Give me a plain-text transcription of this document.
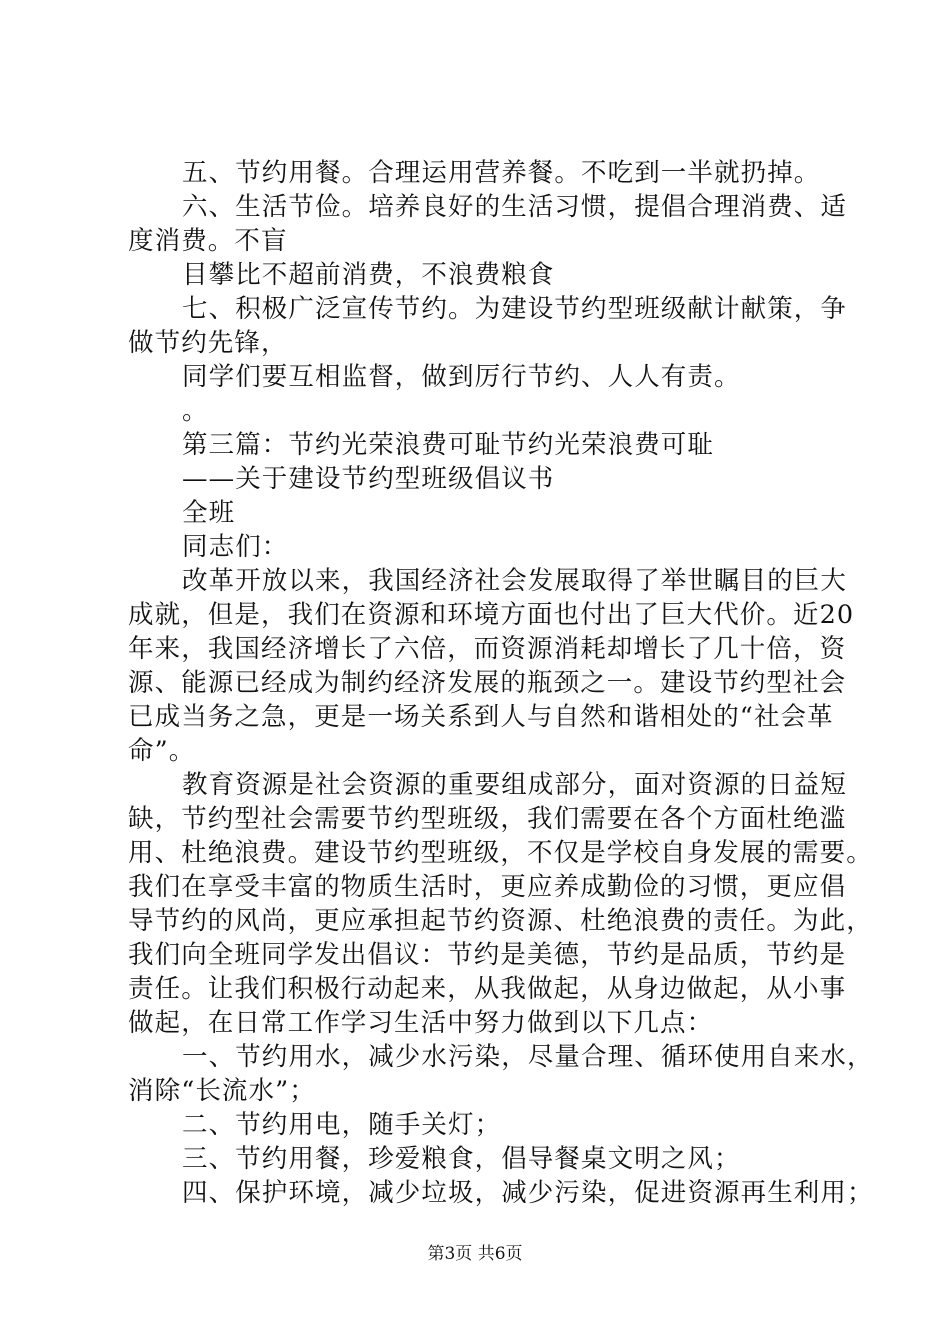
五、节约用餐。合理运用营养餐。不吃到一半就扔掉。
六、生活节俭。培养良好的生活习惯，提倡合理消费、适
度消费。不盲
目攀比不超前消费，不浪费粮食
七、积极广泛宣传节约。为建设节约型班级献计献策，争
做节约先锋，
同学们要互相监督，做到厉行节约、人人有责。
。
第三篇：节约光荣浪费可耻节约光荣浪费可耻
——关于建设节约型班级倡议书
全班
同志们：
改革开放以来，我国经济社会发展取得了举世瞩目的巨大
成就，但是，我们在资源和环境方面也付出了巨大代价。近20
年来，我国经济增长了六倍，而资源消耗却增长了几十倍，资
源、能源已经成为制约经济发展的瓶颈之一。建设节约型社会
已成当务之急，更是一场关系到人与自然和谐相处的“社会革
命”。
教育资源是社会资源的重要组成部分，面对资源的日益短
缺，节约型社会需要节约型班级，我们需要在各个方面杜绝滥
用、杜绝浪费。建设节约型班级，不仅是学校自身发展的需要。
我们在享受丰富的物质生活时，更应养成勤俭的习惯，更应倡
导节约的风尚，更应承担起节约资源、杜绝浪费的责任。为此，
我们向全班同学发出倡议：节约是美德，节约是品质，节约是
责任。让我们积极行动起来，从我做起，从身边做起，从小事
做起，在日常工作学习生活中努力做到以下几点：
一、节约用水，减少水污染，尽量合理、循环使用自来水，
消除“长流水”；
二、节约用电，随手关灯；
三、节约用餐，珍爱粮食，倡导餐桌文明之风；
四、保护环境，减少垃圾，减少污染，促进资源再生利用；
第3页 共6页
